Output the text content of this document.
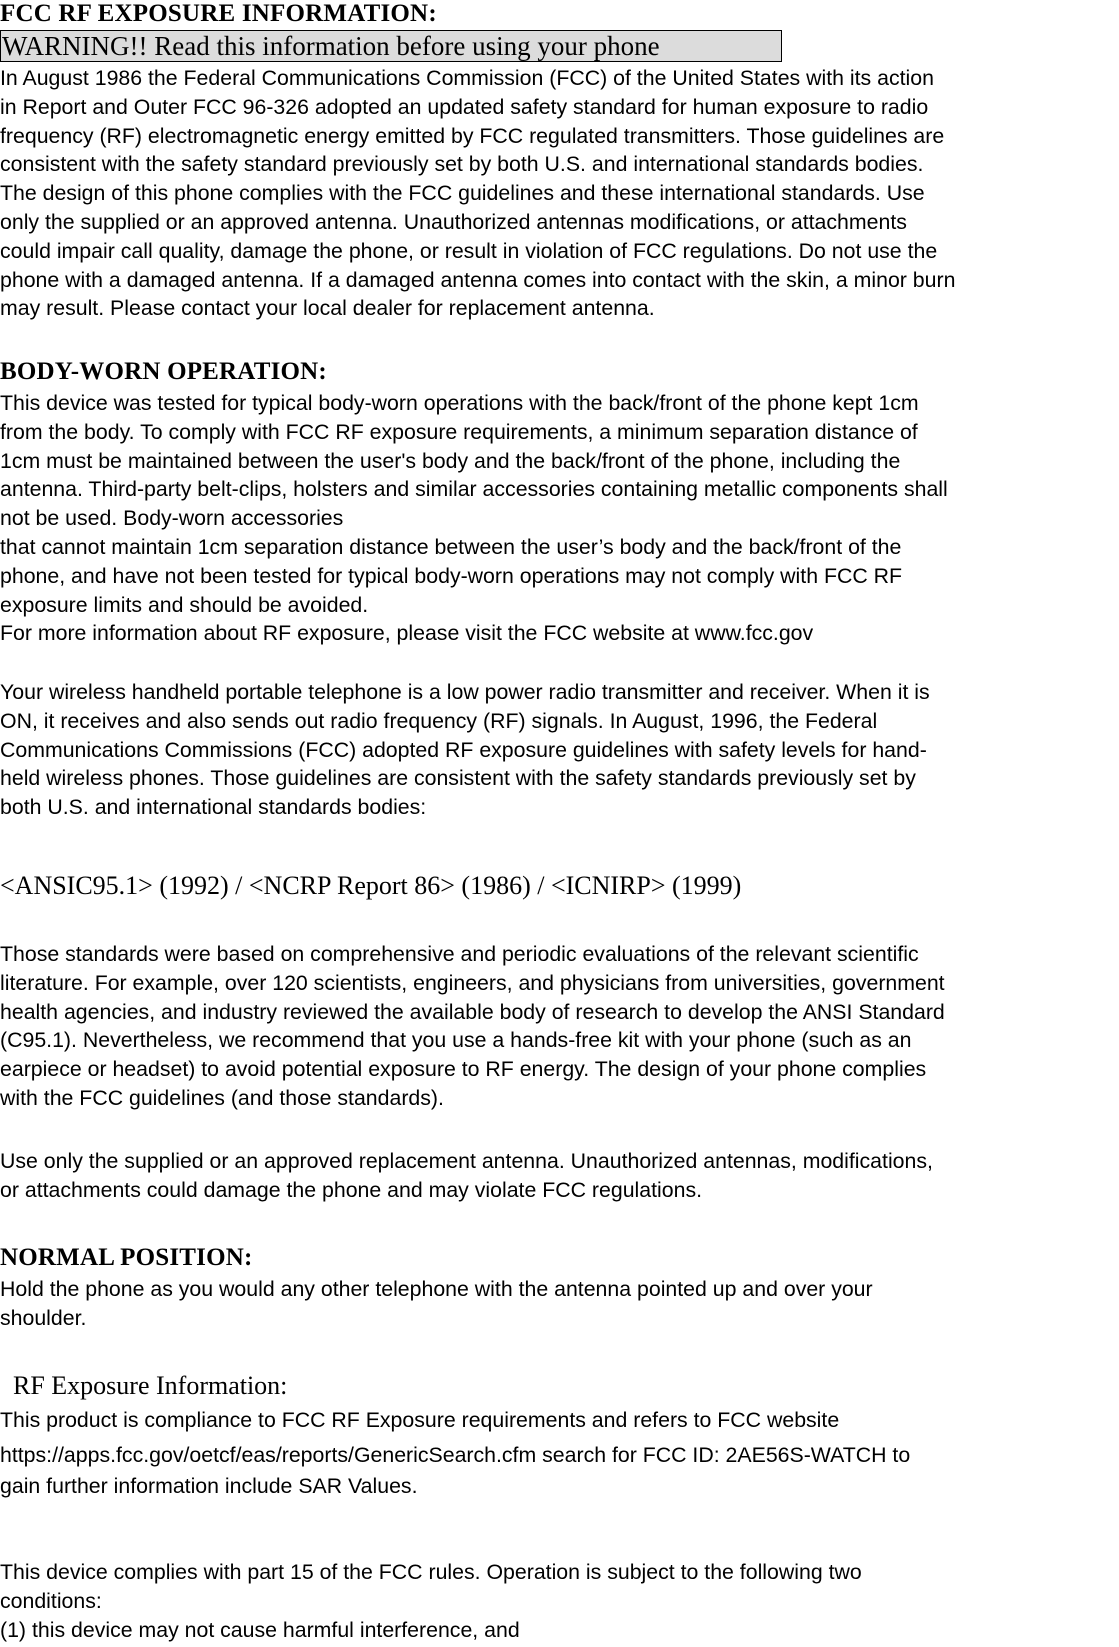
FCC RF EXPOSURE INFORMATION:
WARNING!! Read this information before using your phone

In August 1986 the Federal Communications Commission (FCC) of the United States with its action
in Report and Outer FCC 96-326 adopted an updated safety standard for human exposure to radio
frequency (RF) electromagnetic energy emitted by FCC regulated transmitters. Those guidelines are
consistent with the safety standard previously set by both U.S. and international standards bodies.
The design of this phone complies with the FCC guidelines and these international standards. Use
only the supplied or an approved antenna. Unauthorized antennas modifications, or attachments
could impair call quality, damage the phone, or result in violation of FCC regulations. Do not use the
phone with a damaged antenna. If a damaged antenna comes into contact with the skin, a minor burn
may result. Please contact your local dealer for replacement antenna.

BODY-WORN OPERATION:

This device was tested for typical body-worn operations with the back/front of the phone kept 1cm
from the body. To comply with FCC RF exposure requirements, a minimum separation distance of
1cm must be maintained between the user's body and the back/front of the phone, including the
antenna. Third-party belt-clips, holsters and similar accessories containing metallic components shall
not be used. Body-worn accessories
that cannot maintain 1cm separation distance between the user’s body and the back/front of the
phone, and have not been tested for typical body-worn operations may not comply with FCC RF
exposure limits and should be avoided.
For more information about RF exposure, please visit the FCC website at www.fcc.gov

Your wireless handheld portable telephone is a low power radio transmitter and receiver. When it is
ON, it receives and also sends out radio frequency (RF) signals. In August, 1996, the Federal
Communications Commissions (FCC) adopted RF exposure guidelines with safety levels for hand-
held wireless phones. Those guidelines are consistent with the safety standards previously set by
both U.S. and international standards bodies:

<ANSIC95.1> (1992) / <NCRP Report 86> (1986) / <ICNIRP> (1999)

Those standards were based on comprehensive and periodic evaluations of the relevant scientific
literature. For example, over 120 scientists, engineers, and physicians from universities, government
health agencies, and industry reviewed the available body of research to develop the ANSI Standard
(C95.1). Nevertheless, we recommend that you use a hands-free kit with your phone (such as an
earpiece or headset) to avoid potential exposure to RF energy. The design of your phone complies
with the FCC guidelines (and those standards).

Use only the supplied or an approved replacement antenna. Unauthorized antennas, modifications,
or attachments could damage the phone and may violate FCC regulations.

NORMAL POSITION:

Hold the phone as you would any other telephone with the antenna pointed up and over your
shoulder.

RF Exposure Information:

This product is compliance to FCC RF Exposure requirements and refers to FCC website

https://apps.fcc.gov/oetcf/eas/reports/GenericSearch.cfm search for FCC ID: 2AE56S-WATCH to
gain further information include SAR Values.

This device complies with part 15 of the FCC rules. Operation is subject to the following two
conditions:
(1) this device may not cause harmful interference, and
